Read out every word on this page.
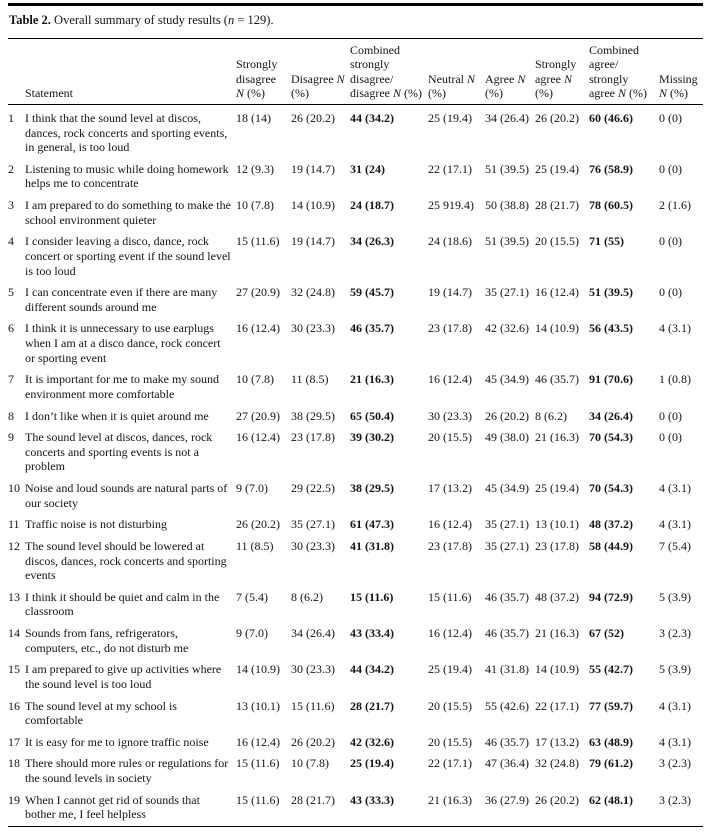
Table 2. Overall summary of study results (n = 129).
	Statement	Strongly disagree N (%)	Disagree N (%)	Combined strongly disagree/disagree N (%)	Neutral N (%)	Agree N (%)	Strongly agree N (%)	Combined agree/strongly agree N (%)	Missing N (%)
1	I think that the sound level at discos, dances, rock concerts and sporting events, in general, is too loud	18 (14)	26 (20.2)	44 (34.2)	25 (19.4)	34 (26.4)	26 (20.2)	60 (46.6)	0 (0)
2	Listening to music while doing homework helps me to concentrate	12 (9.3)	19 (14.7)	31 (24)	22 (17.1)	51 (39.5)	25 (19.4)	76 (58.9)	0 (0)
3	I am prepared to do something to make the school environment quieter	10 (7.8)	14 (10.9)	24 (18.7)	25 919.4)	50 (38.8)	28 (21.7)	78 (60.5)	2 (1.6)
4	I consider leaving a disco, dance, rock concert or sporting event if the sound level is too loud	15 (11.6)	19 (14.7)	34 (26.3)	24 (18.6)	51 (39.5)	20 (15.5)	71 (55)	0 (0)
5	I can concentrate even if there are many different sounds around me	27 (20.9)	32 (24.8)	59 (45.7)	19 (14.7)	35 (27.1)	16 (12.4)	51 (39.5)	0 (0)
6	I think it is unnecessary to use earplugs when I am at a disco dance, rock concert or sporting event	16 (12.4)	30 (23.3)	46 (35.7)	23 (17.8)	42 (32.6)	14 (10.9)	56 (43.5)	4 (3.1)
7	It is important for me to make my sound environment more comfortable	10 (7.8)	11 (8.5)	21 (16.3)	16 (12.4)	45 (34.9)	46 (35.7)	91 (70.6)	1 (0.8)
8	I don’t like when it is quiet around me	27 (20.9)	38 (29.5)	65 (50.4)	30 (23.3)	26 (20.2)	8 (6.2)	34 (26.4)	0 (0)
9	The sound level at discos, dances, rock concerts and sporting events is not a problem	16 (12.4)	23 (17.8)	39 (30.2)	20 (15.5)	49 (38.0)	21 (16.3)	70 (54.3)	0 (0)
10	Noise and loud sounds are natural parts of our society	9 (7.0)	29 (22.5)	38 (29.5)	17 (13.2)	45 (34.9)	25 (19.4)	70 (54.3)	4 (3.1)
11	Traffic noise is not disturbing	26 (20.2)	35 (27.1)	61 (47.3)	16 (12.4)	35 (27.1)	13 (10.1)	48 (37.2)	4 (3.1)
12	The sound level should be lowered at discos, dances, rock concerts and sporting events	11 (8.5)	30 (23.3)	41 (31.8)	23 (17.8)	35 (27.1)	23 (17.8)	58 (44.9)	7 (5.4)
13	I think it should be quiet and calm in the classroom	7 (5.4)	8 (6.2)	15 (11.6)	15 (11.6)	46 (35.7)	48 (37.2)	94 (72.9)	5 (3.9)
14	Sounds from fans, refrigerators, computers, etc., do not disturb me	9 (7.0)	34 (26.4)	43 (33.4)	16 (12.4)	46 (35.7)	21 (16.3)	67 (52)	3 (2.3)
15	I am prepared to give up activities where the sound level is too loud	14 (10.9)	30 (23.3)	44 (34.2)	25 (19.4)	41 (31.8)	14 (10.9)	55 (42.7)	5 (3.9)
16	The sound level at my school is comfortable	13 (10.1)	15 (11.6)	28 (21.7)	20 (15.5)	55 (42.6)	22 (17.1)	77 (59.7)	4 (3.1)
17	It is easy for me to ignore traffic noise	16 (12.4)	26 (20.2)	42 (32.6)	20 (15.5)	46 (35.7)	17 (13.2)	63 (48.9)	4 (3.1)
18	There should more rules or regulations for the sound levels in society	15 (11.6)	10 (7.8)	25 (19.4)	22 (17.1)	47 (36.4)	32 (24.8)	79 (61.2)	3 (2.3)
19	When I cannot get rid of sounds that bother me, I feel helpless	15 (11.6)	28 (21.7)	43 (33.3)	21 (16.3)	36 (27.9)	26 (20.2)	62 (48.1)	3 (2.3)
